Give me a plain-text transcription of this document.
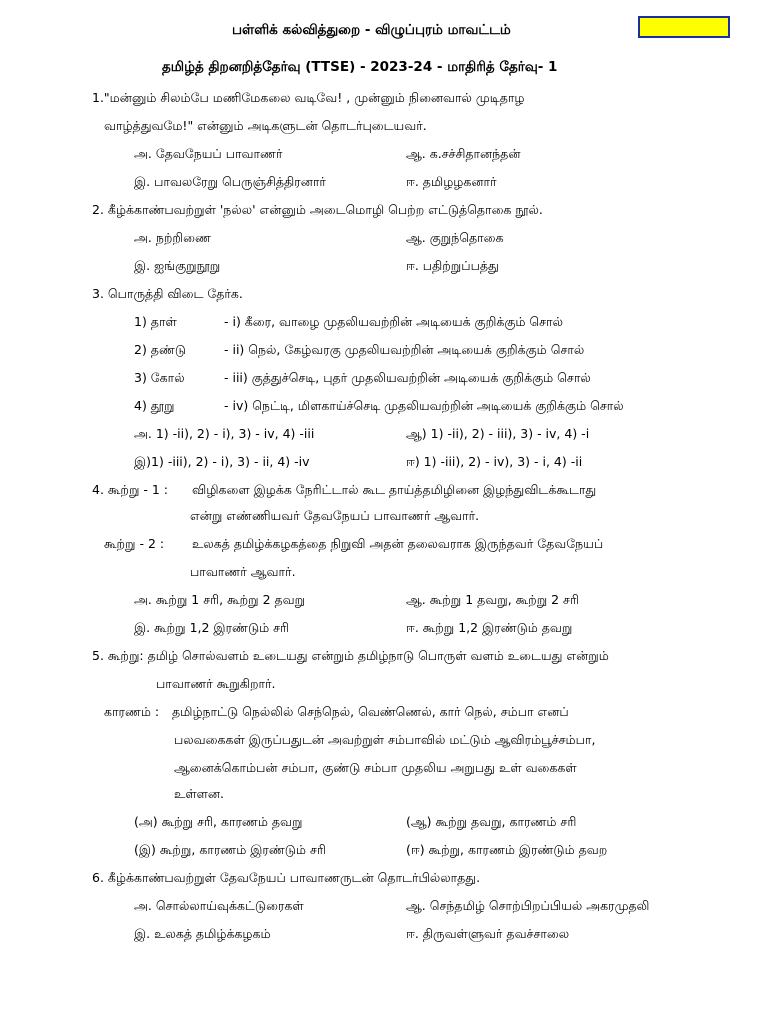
பள்ளிக் கல்வித்துறை - விழுப்புரம் மாவட்டம்
தமிழ்த் திறனறித்தேர்வு (TTSE) - 2023-24 - மாதிரித் தேர்வு- 1
1."மன்னும் சிலம்பே மணிமேகலை வடிவே! , முன்னும் நினைவால் முடிதாழ
வாழ்த்துவமே!" என்னும் அடிகளுடன் தொடர்புடையவர்.
அ. தேவநேயப் பாவாணர்	ஆ. க.சச்சிதானந்தன்
இ. பாவலரேறு பெருஞ்சித்திரனார்	ஈ. தமிழழகனார்
2. கீழ்க்காண்பவற்றுள் 'நல்ல' என்னும் அடைமொழி பெற்ற எட்டுத்தொகை நூல்.
அ. நற்றிணை	ஆ. குறுந்தொகை
இ. ஐங்குறுநூறு	ஈ. பதிற்றுப்பத்து
3. பொருத்தி விடை தேர்க.
1) தாள்	- i) கீரை, வாழை முதலியவற்றின் அடியைக் குறிக்கும் சொல்
2) தண்டு	- ii) நெல், கேழ்வரகு முதலியவற்றின் அடியைக் குறிக்கும் சொல்
3) கோல்	- iii) குத்துச்செடி, புதர் முதலியவற்றின் அடியைக் குறிக்கும் சொல்
4) தூறு	- iv) நெட்டி, மிளகாய்ச்செடி முதலியவற்றின் அடியைக் குறிக்கும் சொல்
அ. 1) -ii), 2) - i), 3) - iv, 4) -iii	ஆ) 1) -ii), 2) - iii), 3) - iv, 4) -i
இ)1) -iii), 2) - i), 3) - ii, 4) -iv	ஈ) 1) -iii), 2) - iv), 3) - i, 4) -ii
4. கூற்று - 1 : விழிகளை இழக்க நேரிட்டால் கூட தாய்த்தமிழினை இழந்துவிடக்கூடாது
என்று எண்ணியவர் தேவநேயப் பாவாணர் ஆவார்.
கூற்று - 2 : உலகத் தமிழ்க்கழகத்தை நிறுவி அதன் தலைவராக இருந்தவர் தேவநேயப்
பாவாணர் ஆவார்.
அ. கூற்று 1 சரி, கூற்று 2 தவறு	ஆ. கூற்று 1 தவறு, கூற்று 2 சரி
இ. கூற்று 1,2 இரண்டும் சரி	ஈ. கூற்று 1,2 இரண்டும் தவறு
5. கூற்று: தமிழ் சொல்வளம் உடையது என்றும் தமிழ்நாடு பொருள் வளம் உடையது என்றும்
பாவாணர் கூறுகிறார்.
காரணம் : தமிழ்நாட்டு நெல்லில் செந்நெல், வெண்ணெல், கார் நெல், சம்பா எனப்
பலவகைகள் இருப்பதுடன் அவற்றுள் சம்பாவில் மட்டும் ஆவிரம்பூச்சம்பா,
ஆனைக்கொம்பன் சம்பா, குண்டு சம்பா முதலிய அறுபது உள் வகைகள்
உள்ளன.
(அ) கூற்று சரி, காரணம் தவறு	(ஆ) கூற்று தவறு, காரணம் சரி
(இ) கூற்று, காரணம் இரண்டும் சரி	(ஈ) கூற்று, காரணம் இரண்டும் தவற
6. கீழ்க்காண்பவற்றுள் தேவநேயப் பாவாணருடன் தொடர்பில்லாதது.
அ. சொல்லாய்வுக்கட்டுரைகள்	ஆ. செந்தமிழ் சொற்பிறப்பியல் அகரமுதலி
இ. உலகத் தமிழ்க்கழகம்	ஈ. திருவள்ளுவர் தவச்சாலை
